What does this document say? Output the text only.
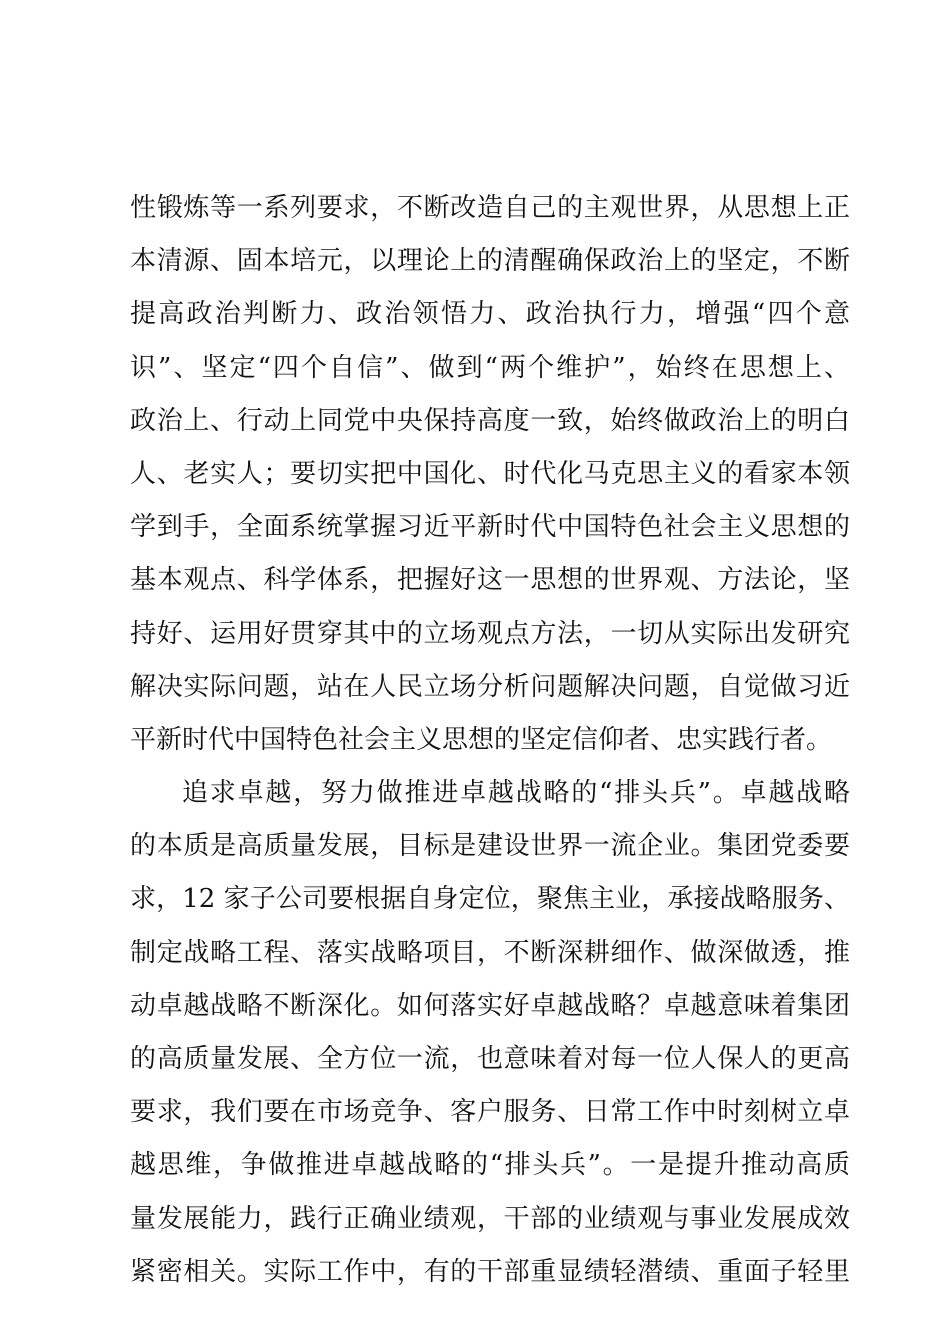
性锻炼等一系列要求，不断改造自己的主观世界，从思想上正
本清源、固本培元，以理论上的清醒确保政治上的坚定，不断
提高政治判断力、政治领悟力、政治执行力，增强“四个意
识”、坚定“四个自信”、做到“两个维护”，始终在思想上、
政治上、行动上同党中央保持高度一致，始终做政治上的明白
人、老实人；要切实把中国化、时代化马克思主义的看家本领
学到手，全面系统掌握习近平新时代中国特色社会主义思想的
基本观点、科学体系，把握好这一思想的世界观、方法论，坚
持好、运用好贯穿其中的立场观点方法，一切从实际出发研究
解决实际问题，站在人民立场分析问题解决问题，自觉做习近
平新时代中国特色社会主义思想的坚定信仰者、忠实践行者。
追求卓越，努力做推进卓越战略的“排头兵”。卓越战略
的本质是高质量发展，目标是建设世界一流企业。集团党委要
求，12 家子公司要根据自身定位，聚焦主业，承接战略服务、
制定战略工程、落实战略项目，不断深耕细作、做深做透，推
动卓越战略不断深化。如何落实好卓越战略？卓越意味着集团
的高质量发展、全方位一流，也意味着对每一位人保人的更高
要求，我们要在市场竞争、客户服务、日常工作中时刻树立卓
越思维，争做推进卓越战略的“排头兵”。一是提升推动高质
量发展能力，践行正确业绩观，干部的业绩观与事业发展成效
紧密相关。实际工作中，有的干部重显绩轻潜绩、重面子轻里
